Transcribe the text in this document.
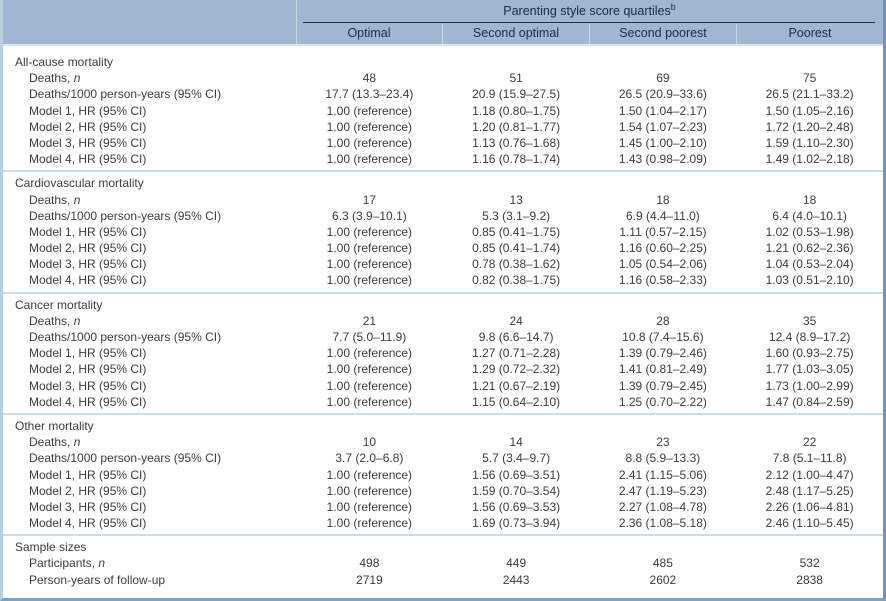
Parenting style score quartiles$^b$
Optimal	Second optimal	Second poorest	Poorest
All-cause mortality
Deaths, n	48	51	69	75
Deaths/1000 person-years (95% CI)	17.7 (13.3–23.4)	20.9 (15.9–27.5)	26.5 (20.9–33.6)	26.5 (21.1–33.2)
Model 1, HR (95% CI)	1.00 (reference)	1.18 (0.80–1.75)	1.50 (1.04–2.17)	1.50 (1.05–2.16)
Model 2, HR (95% CI)	1.00 (reference)	1.20 (0.81–1.77)	1.54 (1.07–2.23)	1.72 (1.20–2.48)
Model 3, HR (95% CI)	1.00 (reference)	1.13 (0.76–1.68)	1.45 (1.00–2.10)	1.59 (1.10–2.30)
Model 4, HR (95% CI)	1.00 (reference)	1.16 (0.78–1.74)	1.43 (0.98–2.09)	1.49 (1.02–2.18)
Cardiovascular mortality
Deaths, n	17	13	18	18
Deaths/1000 person-years (95% CI)	6.3 (3.9–10.1)	5.3 (3.1–9.2)	6.9 (4.4–11.0)	6.4 (4.0–10.1)
Model 1, HR (95% CI)	1.00 (reference)	0.85 (0.41–1.75)	1.11 (0.57–2.15)	1.02 (0.53–1.98)
Model 2, HR (95% CI)	1.00 (reference)	0.85 (0.41–1.74)	1.16 (0.60–2.25)	1.21 (0.62–2.36)
Model 3, HR (95% CI)	1.00 (reference)	0.78 (0.38–1.62)	1.05 (0.54–2.06)	1.04 (0.53–2.04)
Model 4, HR (95% CI)	1.00 (reference)	0.82 (0.38–1.75)	1.16 (0.58–2.33)	1.03 (0.51–2.10)
Cancer mortality
Deaths, n	21	24	28	35
Deaths/1000 person-years (95% CI)	7.7 (5.0–11.9)	9.8 (6.6–14.7)	10.8 (7.4–15.6)	12.4 (8.9–17.2)
Model 1, HR (95% CI)	1.00 (reference)	1.27 (0.71–2.28)	1.39 (0.79–2.46)	1.60 (0.93–2.75)
Model 2, HR (95% CI)	1.00 (reference)	1.29 (0.72–2.32)	1.41 (0.81–2.49)	1.77 (1.03–3.05)
Model 3, HR (95% CI)	1.00 (reference)	1.21 (0.67–2.19)	1.39 (0.79–2.45)	1.73 (1.00–2.99)
Model 4, HR (95% CI)	1.00 (reference)	1.15 (0.64–2.10)	1.25 (0.70–2.22)	1.47 (0.84–2.59)
Other mortality
Deaths, n	10	14	23	22
Deaths/1000 person-years (95% CI)	3.7 (2.0–6.8)	5.7 (3.4–9.7)	8.8 (5.9–13.3)	7.8 (5.1–11.8)
Model 1, HR (95% CI)	1.00 (reference)	1.56 (0.69–3.51)	2.41 (1.15–5.06)	2.12 (1.00–4.47)
Model 2, HR (95% CI)	1.00 (reference)	1.59 (0.70–3.54)	2.47 (1.19–5.23)	2.48 (1.17–5.25)
Model 3, HR (95% CI)	1.00 (reference)	1.56 (0.69–3.53)	2.27 (1.08–4.78)	2.26 (1.06–4.81)
Model 4, HR (95% CI)	1.00 (reference)	1.69 (0.73–3.94)	2.36 (1.08–5.18)	2.46 (1.10–5.45)
Sample sizes
Participants, n	498	449	485	532
Person-years of follow-up	2719	2443	2602	2838
